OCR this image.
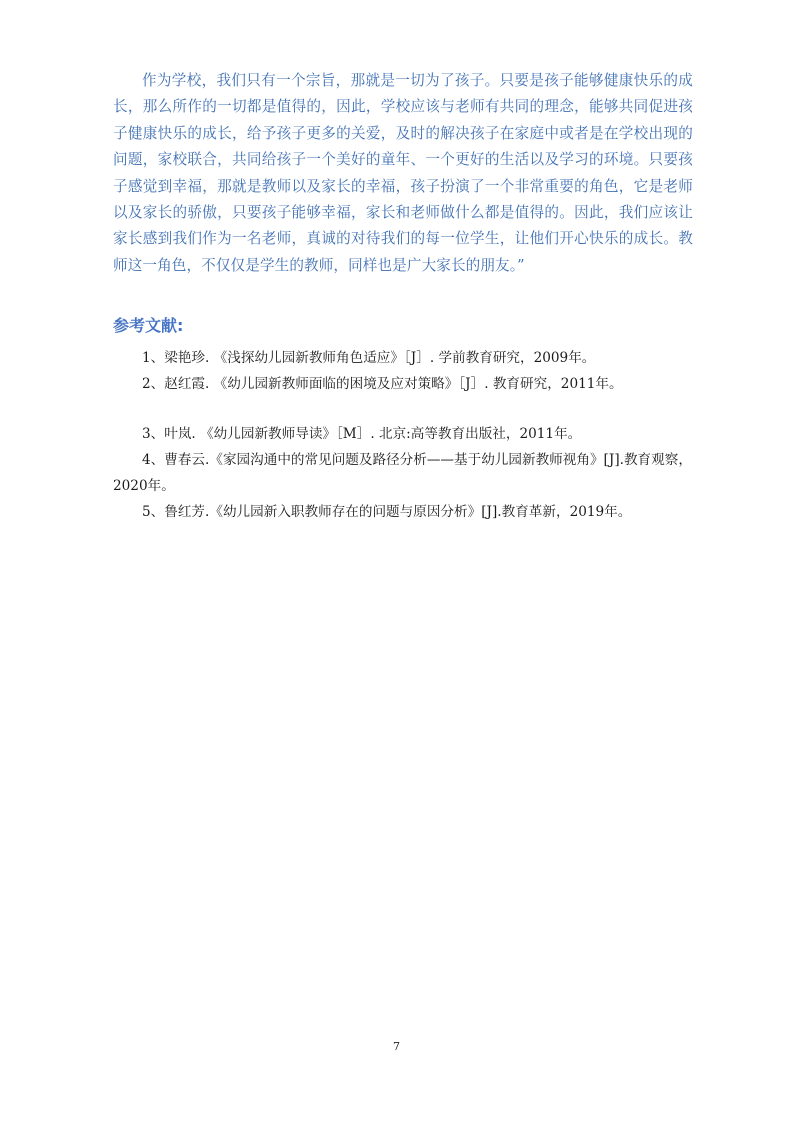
作为学校，我们只有一个宗旨，那就是一切为了孩子。只要是孩子能够健康快乐的成长，那么所作的一切都是值得的，因此，学校应该与老师有共同的理念，能够共同促进孩子健康快乐的成长，给予孩子更多的关爱，及时的解决孩子在家庭中或者是在学校出现的问题，家校联合，共同给孩子一个美好的童年、一个更好的生活以及学习的环境。只要孩子感觉到幸福，那就是教师以及家长的幸福，孩子扮演了一个非常重要的角色，它是老师以及家长的骄傲，只要孩子能够幸福，家长和老师做什么都是值得的。因此，我们应该让家长感到我们作为一名老师，真诚的对待我们的每一位学生，让他们开心快乐的成长。教师这一角色，不仅仅是学生的教师，同样也是广大家长的朋友。”

参考文献:
1、梁艳珍. 《浅探幼儿园新教师角色适应》［J］. 学前教育研究，2009年。
2、赵红霞. 《幼儿园新教师面临的困境及应对策略》［J］. 教育研究，2011年。
3、叶岚. 《幼儿园新教师导读》［M］. 北京:高等教育出版社，2011年。
4、曹春云.《家园沟通中的常见问题及路径分析——基于幼儿园新教师视角》[J].教育观察，2020年。
5、鲁红芳.《幼儿园新入职教师存在的问题与原因分析》[J].教育革新，2019年。
7
